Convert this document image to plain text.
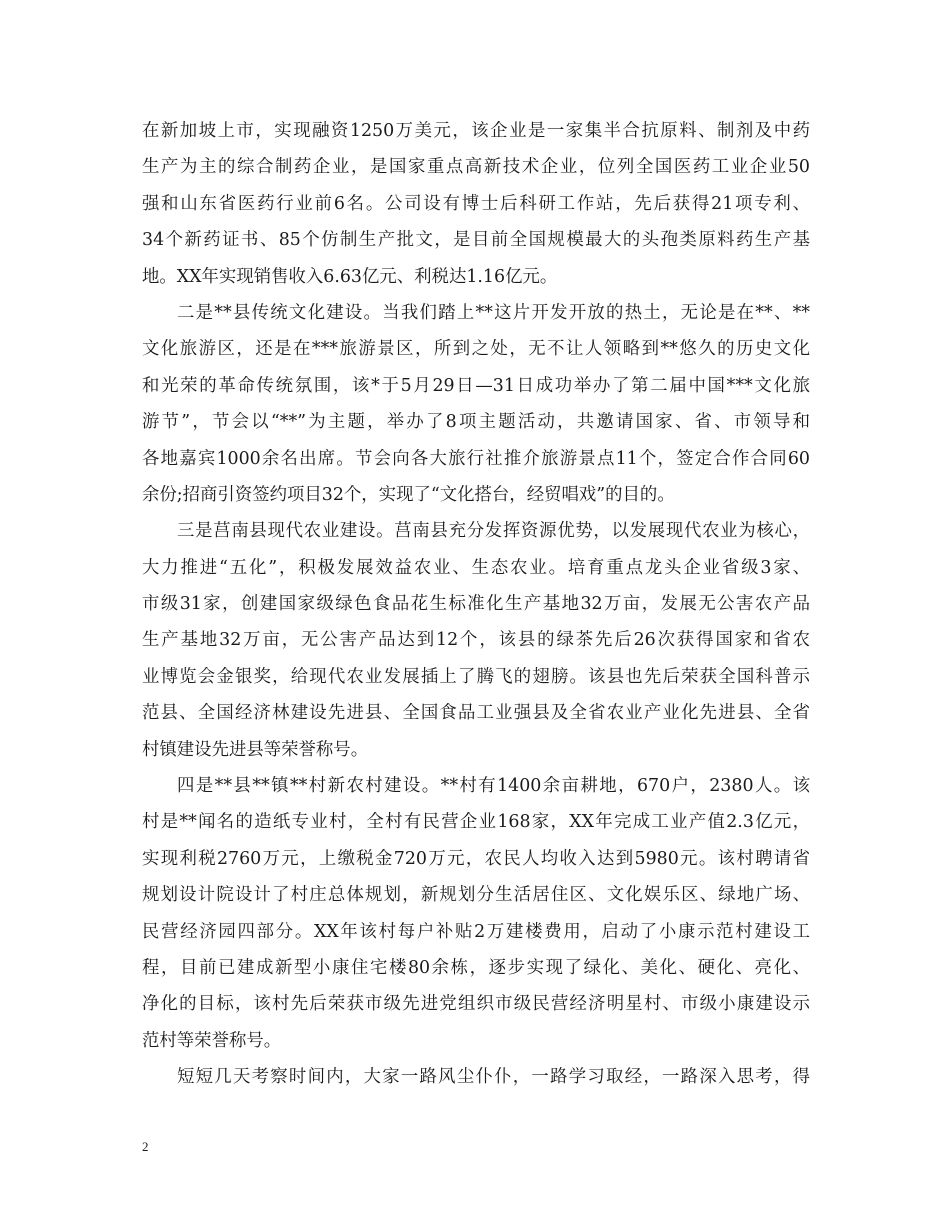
在新加坡上市，实现融资1250万美元，该企业是一家集半合抗原料、制剂及中药
生产为主的综合制药企业，是国家重点高新技术企业，位列全国医药工业企业50
强和山东省医药行业前6名。公司设有博士后科研工作站，先后获得21项专利、
34个新药证书、85个仿制生产批文，是目前全国规模最大的头孢类原料药生产基
地。XX年实现销售收入6.63亿元、利税达1.16亿元。
二是**县传统文化建设。当我们踏上**这片开发开放的热土，无论是在**、**
文化旅游区，还是在***旅游景区，所到之处，无不让人领略到**悠久的历史文化
和光荣的革命传统氛围，该*于5月29日—31日成功举办了第二届中国***文化旅
游节”，节会以“**”为主题，举办了8项主题活动，共邀请国家、省、市领导和
各地嘉宾1000余名出席。节会向各大旅行社推介旅游景点11个，签定合作合同60
余份;招商引资签约项目32个，实现了“文化搭台，经贸唱戏”的目的。
三是莒南县现代农业建设。莒南县充分发挥资源优势，以发展现代农业为核心，
大力推进“五化”，积极发展效益农业、生态农业。培育重点龙头企业省级3家、
市级31家，创建国家级绿色食品花生标准化生产基地32万亩，发展无公害农产品
生产基地32万亩，无公害产品达到12个，该县的绿茶先后26次获得国家和省农
业博览会金银奖，给现代农业发展插上了腾飞的翅膀。该县也先后荣获全国科普示
范县、全国经济林建设先进县、全国食品工业强县及全省农业产业化先进县、全省
村镇建设先进县等荣誉称号。
四是**县**镇**村新农村建设。**村有1400余亩耕地，670户，2380人。该
村是**闻名的造纸专业村，全村有民营企业168家，XX年完成工业产值2.3亿元，
实现利税2760万元，上缴税金720万元，农民人均收入达到5980元。该村聘请省
规划设计院设计了村庄总体规划，新规划分生活居住区、文化娱乐区、绿地广场、
民营经济园四部分。XX年该村每户补贴2万建楼费用，启动了小康示范村建设工
程，目前已建成新型小康住宅楼80余栋，逐步实现了绿化、美化、硬化、亮化、
净化的目标，该村先后荣获市级先进党组织市级民营经济明星村、市级小康建设示
范村等荣誉称号。
短短几天考察时间内，大家一路风尘仆仆，一路学习取经，一路深入思考，得
2
